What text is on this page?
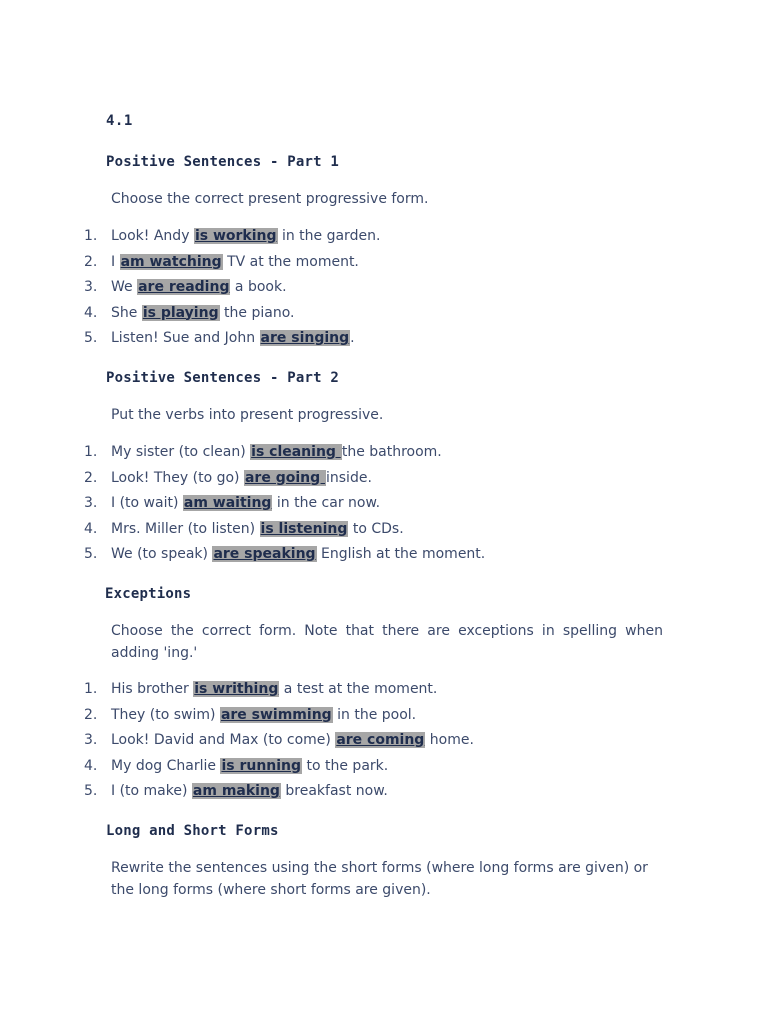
4.1
Positive Sentences - Part 1
Choose the correct present progressive form.
1. Look! Andy is working in the garden.
2. I am watching TV at the moment.
3. We are reading a book.
4. She is playing the piano.
5. Listen! Sue and John are singing.
Positive Sentences - Part 2
Put the verbs into present progressive.
1. My sister (to clean) is cleaning the bathroom.
2. Look! They (to go) are going inside.
3. I (to wait) am waiting in the car now.
4. Mrs. Miller (to listen) is listening to CDs.
5. We (to speak) are speaking English at the moment.
Exceptions
Choose the correct form. Note that there are exceptions in spelling when adding 'ing.'
1. His brother is writhing a test at the moment.
2. They (to swim) are swimming in the pool.
3. Look! David and Max (to come) are coming home.
4. My dog Charlie is running to the park.
5. I (to make) am making breakfast now.
Long and Short Forms
Rewrite the sentences using the short forms (where long forms are given) or the long forms (where short forms are given).
